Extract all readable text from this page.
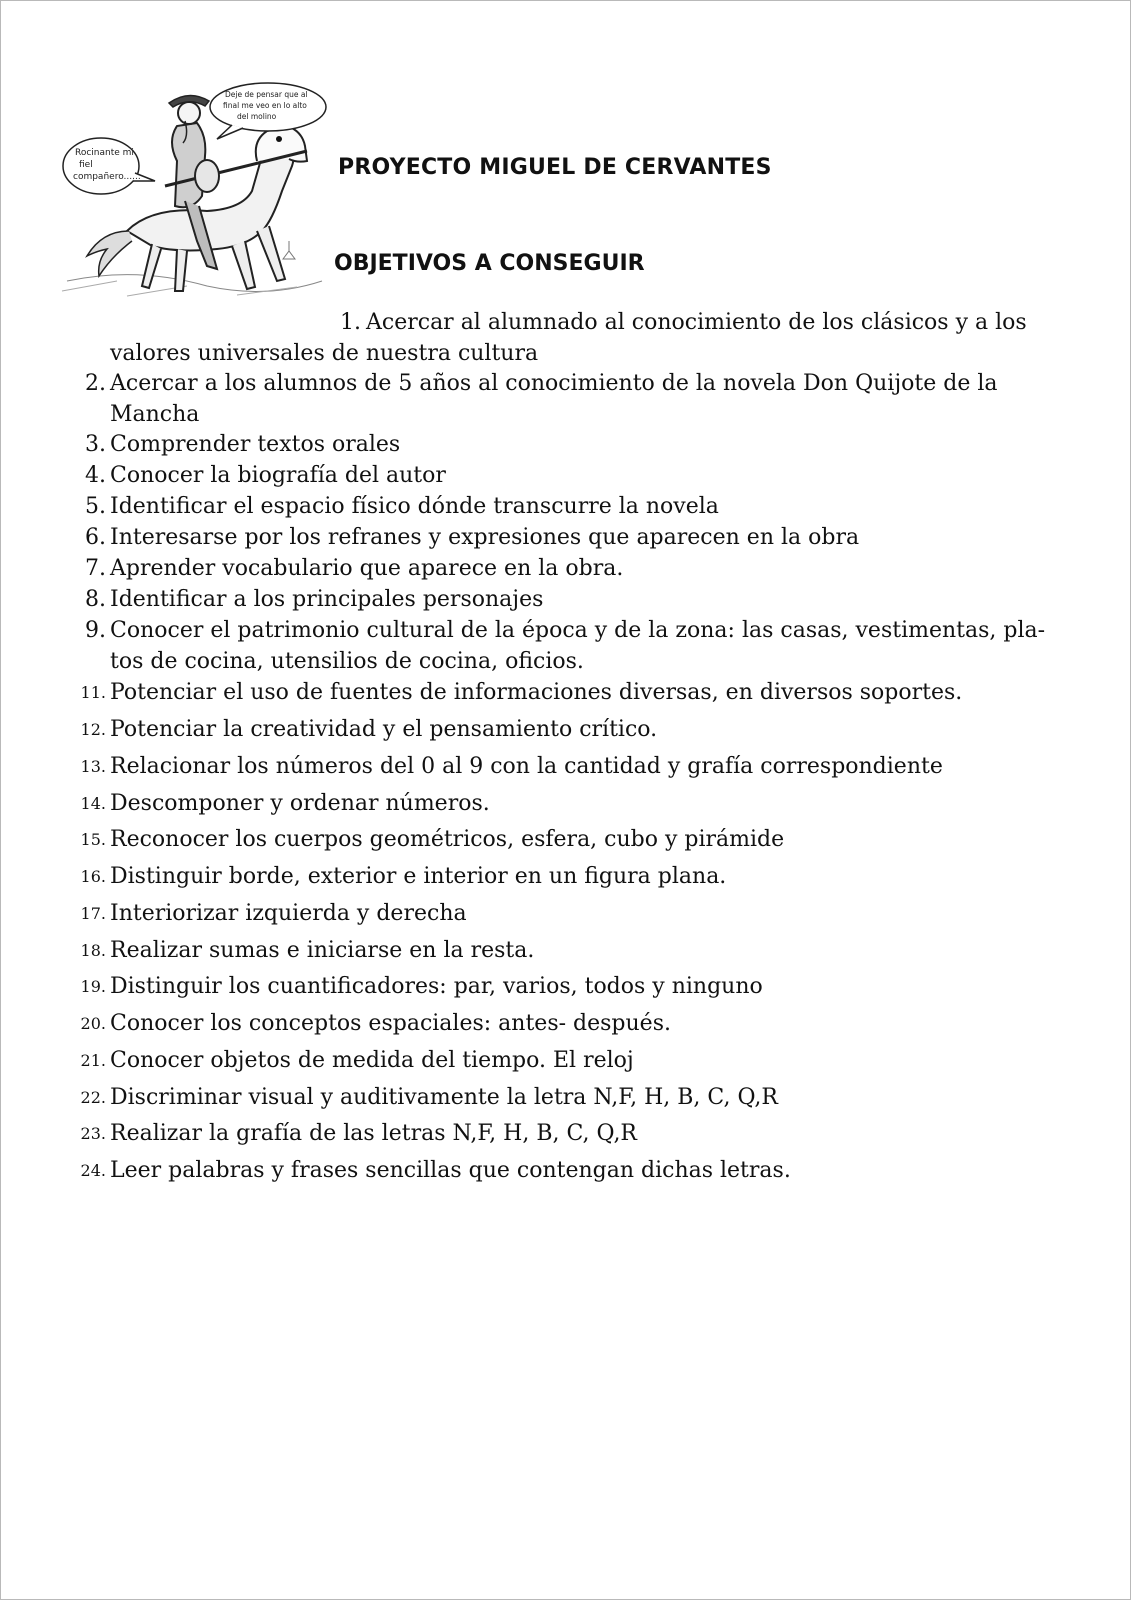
Rocinante mi
fiel
compañero......
Deje de pensar que al
final me veo en lo alto
del molino
PROYECTO MIGUEL DE CERVANTES
OBJETIVOS A CONSEGUIR
1. Acercar al alumnado al conocimiento de los clásicos y a los
valores universales de nuestra cultura
2. Acercar a los alumnos de 5 años al conocimiento de la novela Don Quijote de la
Mancha
3. Comprender textos orales
4. Conocer la biografía del autor
5. Identificar el espacio físico dónde transcurre la novela
6. Interesarse por los refranes y expresiones que aparecen en la obra
7. Aprender vocabulario que aparece en la obra.
8. Identificar a los principales personajes
9. Conocer el patrimonio cultural de la época y de la zona: las casas, vestimentas, pla-
tos de cocina, utensilios de cocina, oficios.
11. Potenciar el uso de fuentes de informaciones diversas, en diversos soportes.
12. Potenciar la creatividad y el pensamiento crítico.
13. Relacionar los números del 0 al 9 con la cantidad y grafía correspondiente
14. Descomponer y ordenar números.
15. Reconocer los cuerpos geométricos, esfera, cubo y pirámide
16. Distinguir borde, exterior e interior en un figura plana.
17. Interiorizar izquierda y derecha
18. Realizar sumas e iniciarse en la resta.
19. Distinguir los cuantificadores: par, varios, todos y ninguno
20. Conocer los conceptos espaciales: antes- después.
21. Conocer objetos de medida del tiempo. El reloj
22. Discriminar visual y auditivamente la letra N,F, H, B, C, Q,R
23. Realizar la grafía de las letras N,F, H, B, C, Q,R
24. Leer palabras y frases sencillas que contengan dichas letras.
